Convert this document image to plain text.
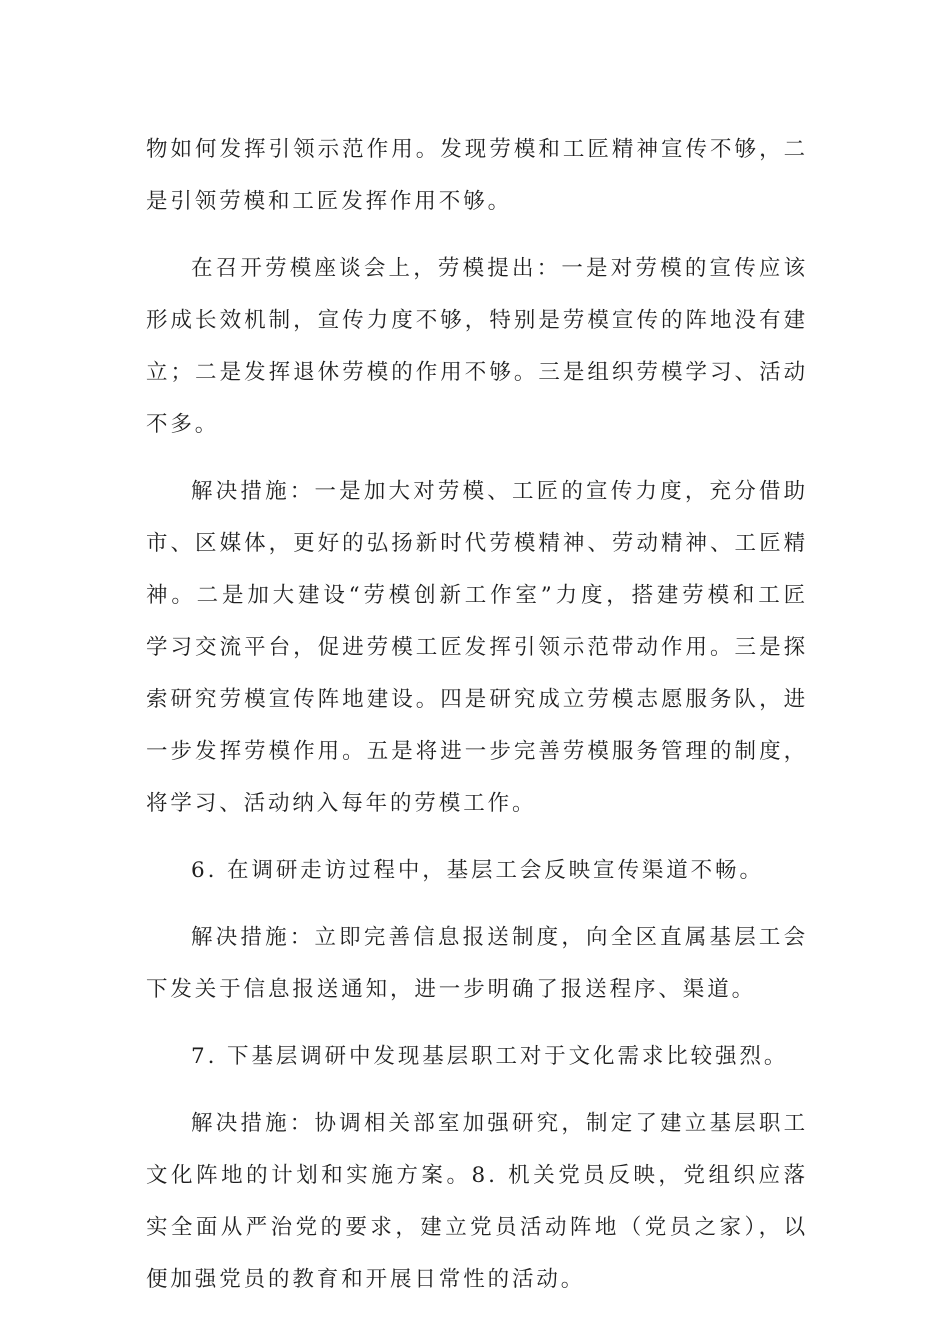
物如何发挥引领示范作用。发现劳模和工匠精神宣传不够，二是引领劳模和工匠发挥作用不够。

在召开劳模座谈会上，劳模提出：一是对劳模的宣传应该形成长效机制，宣传力度不够，特别是劳模宣传的阵地没有建立；二是发挥退休劳模的作用不够。三是组织劳模学习、活动不多。

解决措施：一是加大对劳模、工匠的宣传力度，充分借助市、区媒体，更好的弘扬新时代劳模精神、劳动精神、工匠精神。二是加大建设“劳模创新工作室”力度，搭建劳模和工匠学习交流平台，促进劳模工匠发挥引领示范带动作用。三是探索研究劳模宣传阵地建设。四是研究成立劳模志愿服务队，进一步发挥劳模作用。五是将进一步完善劳模服务管理的制度，将学习、活动纳入每年的劳模工作。

6. 在调研走访过程中，基层工会反映宣传渠道不畅。

解决措施：立即完善信息报送制度，向全区直属基层工会下发关于信息报送通知，进一步明确了报送程序、渠道。

7. 下基层调研中发现基层职工对于文化需求比较强烈。

解决措施：协调相关部室加强研究，制定了建立基层职工文化阵地的计划和实施方案。8. 机关党员反映，党组织应落实全面从严治党的要求，建立党员活动阵地（党员之家），以便加强党员的教育和开展日常性的活动。
